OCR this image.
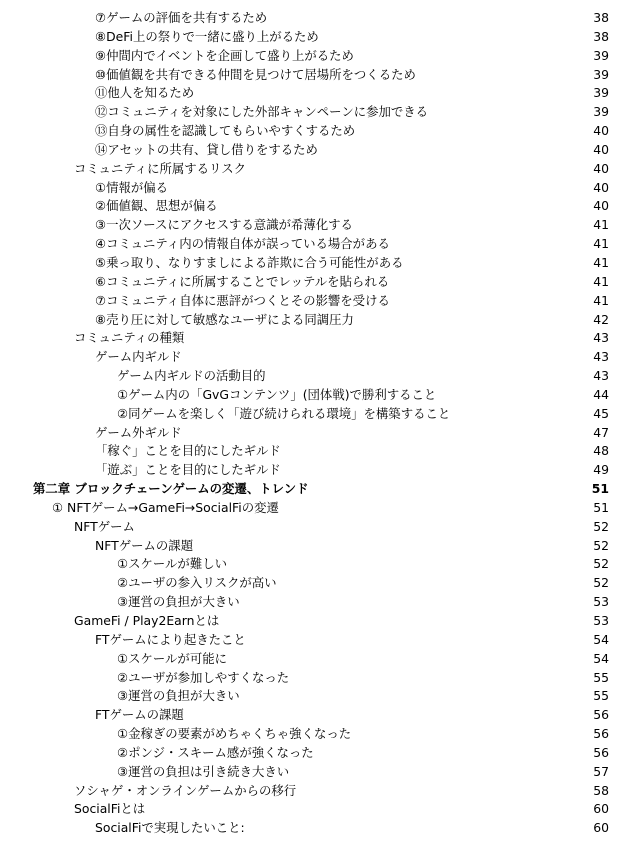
⑦ゲームの評価を共有するため	38
⑧DeFi上の祭りで一緒に盛り上がるため	38
⑨仲間内でイベントを企画して盛り上がるため	39
⑩価値観を共有できる仲間を見つけて居場所をつくるため	39
⑪他人を知るため	39
⑫コミュニティを対象にした外部キャンペーンに参加できる	39
⑬自身の属性を認識してもらいやすくするため	40
⑭アセットの共有、貸し借りをするため	40
コミュニティに所属するリスク	40
①情報が偏る	40
②価値観、思想が偏る	40
③一次ソースにアクセスする意識が希薄化する	41
④コミュニティ内の情報自体が誤っている場合がある	41
⑤乗っ取り、なりすましによる詐欺に合う可能性がある	41
⑥コミュニティに所属することでレッテルを貼られる	41
⑦コミュニティ自体に悪評がつくとその影響を受ける	41
⑧売り圧に対して敏感なユーザによる同調圧力	42
コミュニティの種類	43
ゲーム内ギルド	43
ゲーム内ギルドの活動目的	43
①ゲーム内の「GvGコンテンツ」(団体戦)で勝利すること	44
②同ゲームを楽しく「遊び続けられる環境」を構築すること	45
ゲーム外ギルド	47
「稼ぐ」ことを目的にしたギルド	48
「遊ぶ」ことを目的にしたギルド	49
第二章 ブロックチェーンゲームの変遷、トレンド	51
① NFTゲーム→GameFi→SocialFiの変遷	51
NFTゲーム	52
NFTゲームの課題	52
①スケールが難しい	52
②ユーザの参入リスクが高い	52
③運営の負担が大きい	53
GameFi / Play2Earnとは	53
FTゲームにより起きたこと	54
①スケールが可能に	54
②ユーザが参加しやすくなった	55
③運営の負担が大きい	55
FTゲームの課題	56
①金稼ぎの要素がめちゃくちゃ強くなった	56
②ポンジ・スキーム感が強くなった	56
③運営の負担は引き続き大きい	57
ソシャゲ・オンラインゲームからの移行	58
SocialFiとは	60
SocialFiで実現したいこと:	60
